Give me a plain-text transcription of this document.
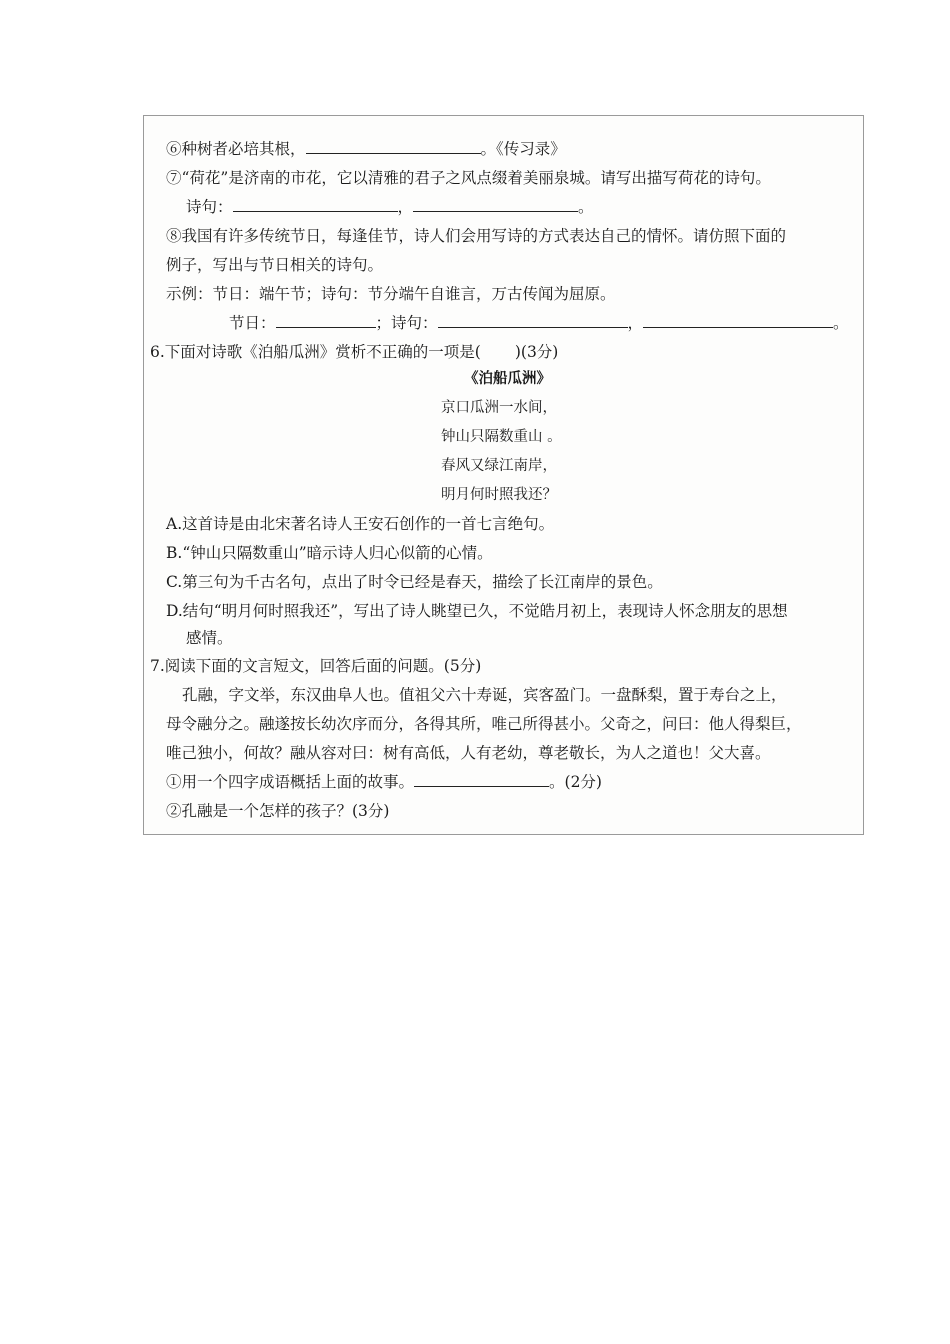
⑥种树者必培其根，	。《传习录》
⑦“荷花”是济南的市花，它以清雅的君子之风点缀着美丽泉城。请写出描写荷花的诗句。
诗句：	，	。
⑧我国有许多传统节日，每逢佳节，诗人们会用写诗的方式表达自己的情怀。请仿照下面的
例子，写出与节日相关的诗句。
示例：节日：端午节；诗句：节分端午自谁言，万古传闻为屈原。
节日：	；诗句：	，	。
6.下面对诗歌《泊船瓜洲》赏析不正确的一项是( )(3分)
《泊船瓜洲》
京口瓜洲一水间，
钟山只隔数重山 。
春风又绿江南岸，
明月何时照我还？
A.这首诗是由北宋著名诗人王安石创作的一首七言绝句。
B.“钟山只隔数重山”暗示诗人归心似箭的心情。
C.第三句为千古名句，点出了时令已经是春天，描绘了长江南岸的景色。
D.结句“明月何时照我还”，写出了诗人眺望已久，不觉皓月初上，表现诗人怀念朋友的思想
感情。
7.阅读下面的文言短文，回答后面的问题。(5分)
孔融，字文举，东汉曲阜人也。值祖父六十寿诞，宾客盈门。一盘酥梨，置于寿台之上，
母令融分之。融遂按长幼次序而分，各得其所，唯己所得甚小。父奇之，问曰：他人得梨巨，
唯己独小，何故？融从容对曰：树有高低，人有老幼，尊老敬长，为人之道也！父大喜。
①用一个四字成语概括上面的故事。	。(2分)
②孔融是一个怎样的孩子？(3分)
